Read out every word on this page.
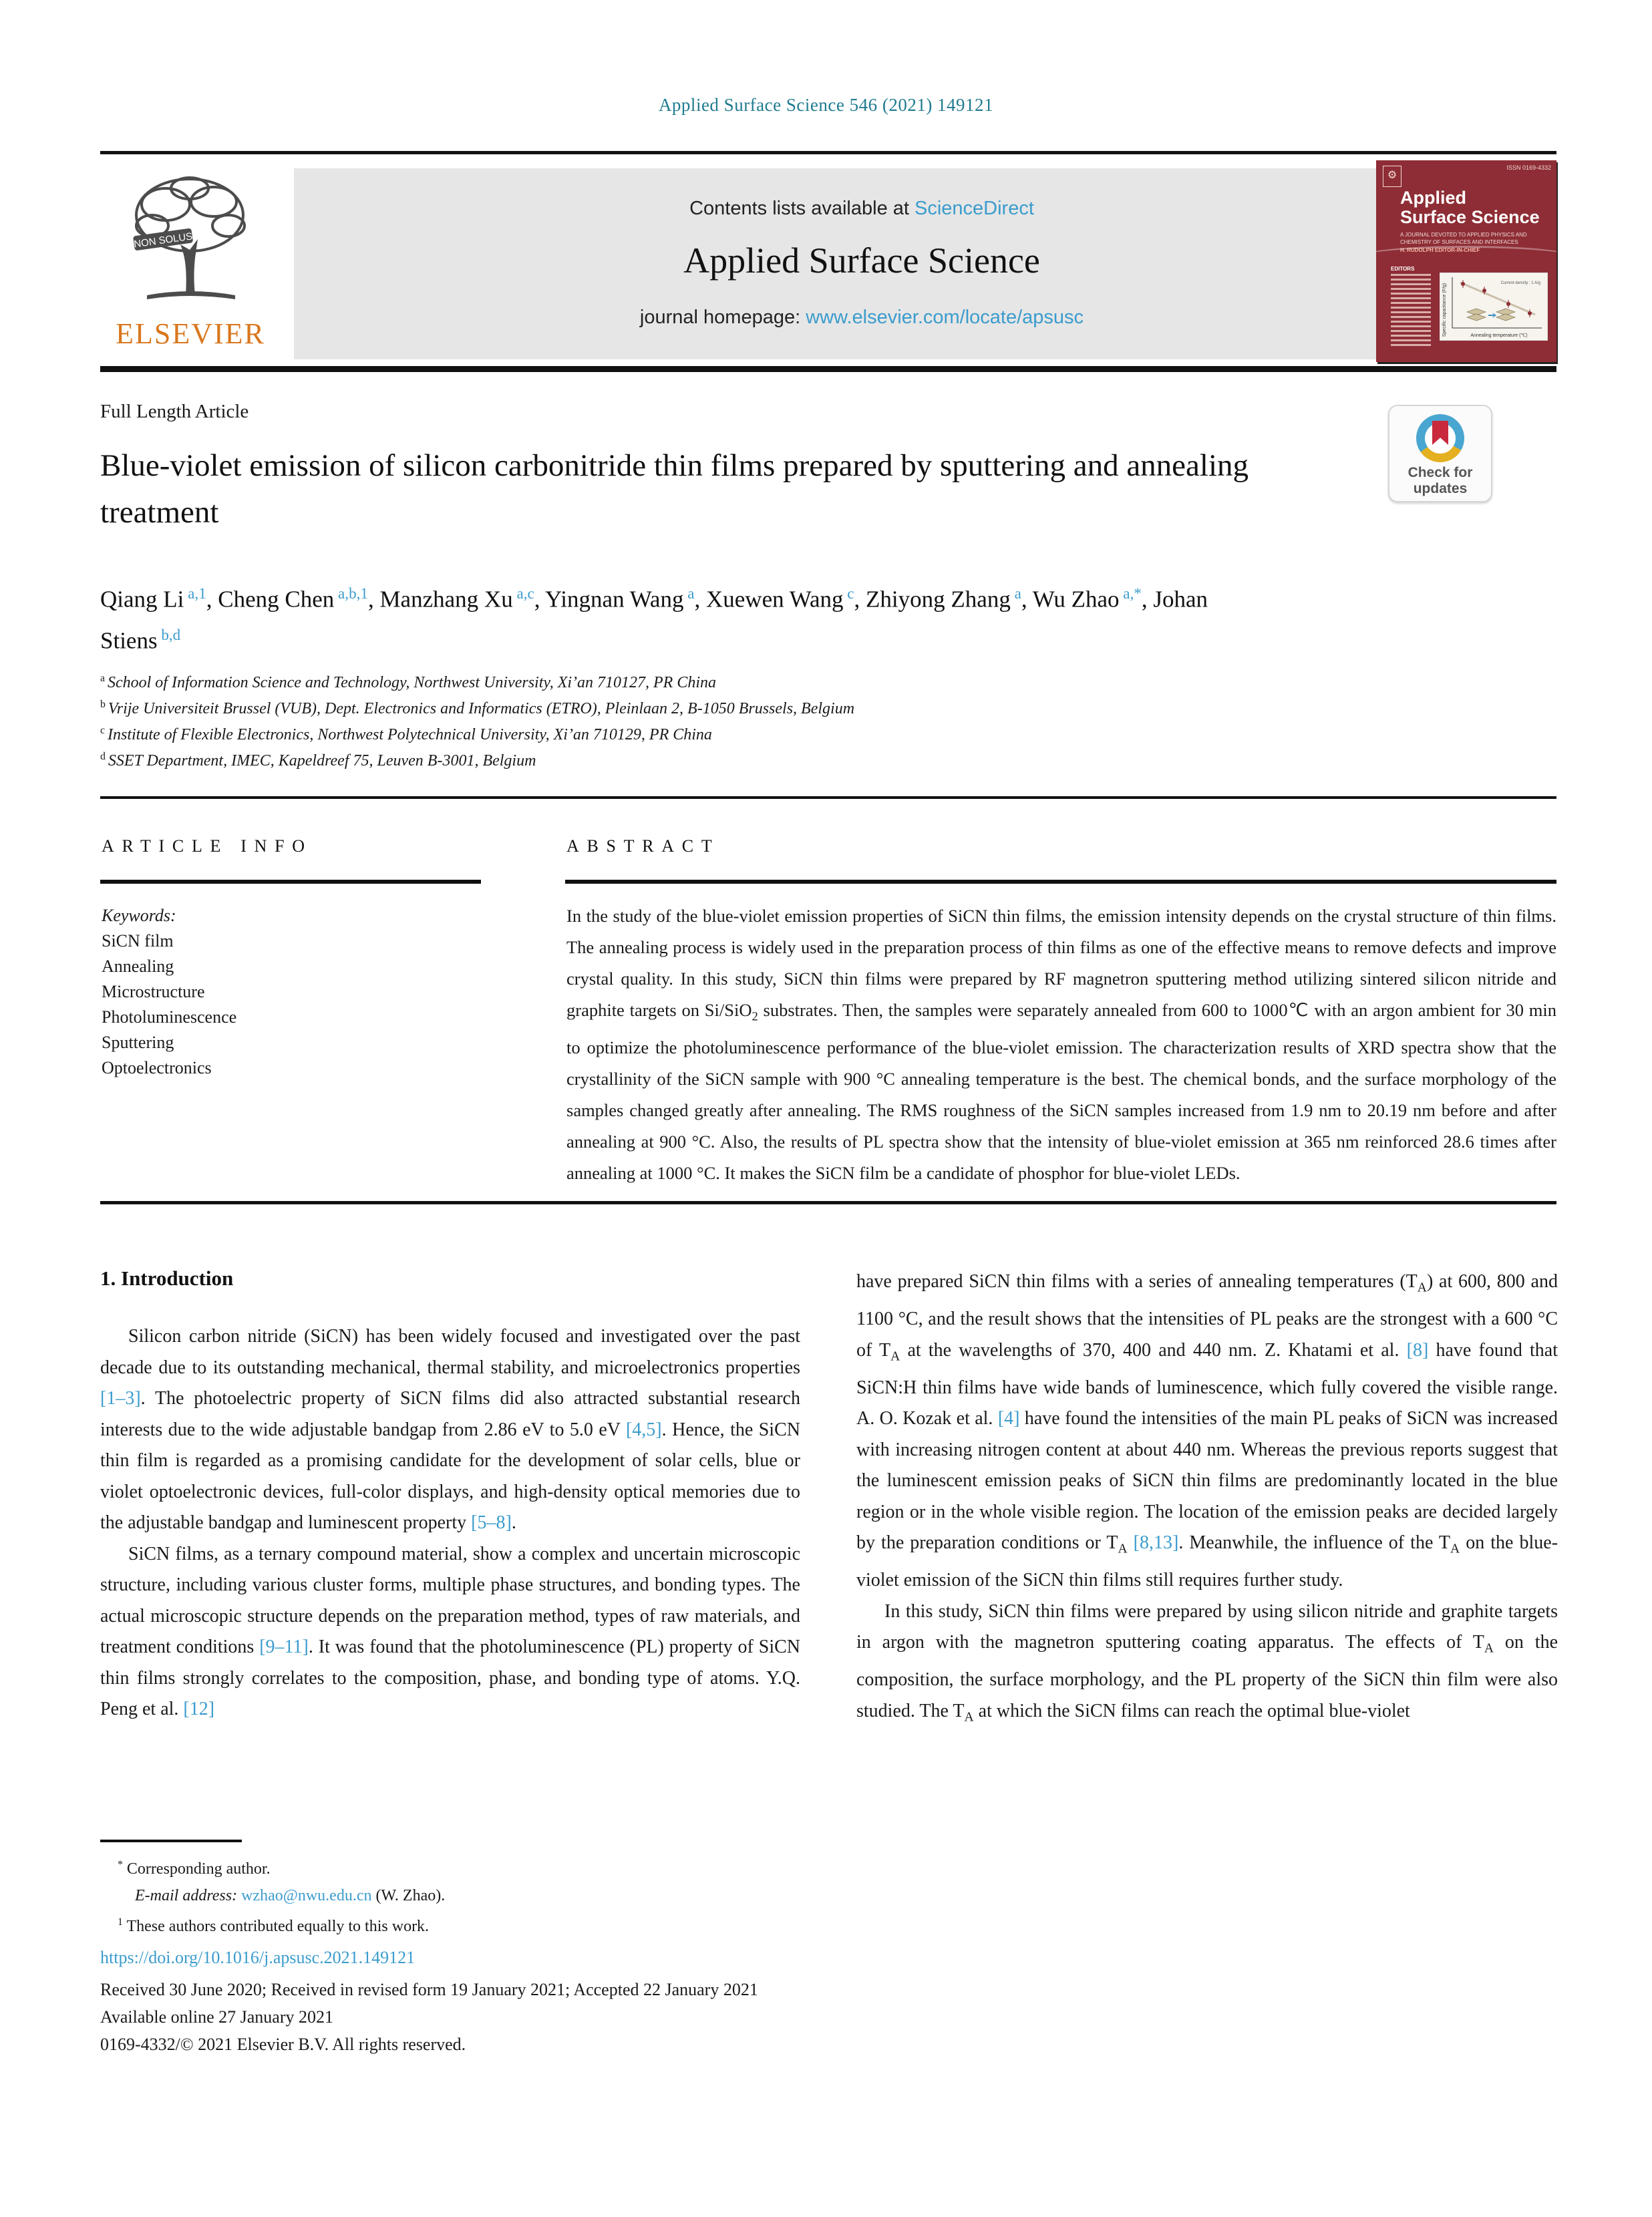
Applied Surface Science 546 (2021) 149121
NON SOLUS
ELSEVIER
Contents lists available at ScienceDirect
Applied Surface Science
journal homepage: www.elsevier.com/locate/apsusc
⚙
ISSN 0169-4332
Applied
Surface Science
A JOURNAL DEVOTED TO APPLIED PHYSICS AND CHEMISTRY OF SURFACES AND INTERFACES
H. RUDOLPH EDITOR-IN-CHIEF
EDITORS
Specific capacitance (F/g)	Annealing temperature (℃)
Current density : 1 A/g
Full Length Article
Blue-violet emission of silicon carbonitride thin films prepared by sputtering and annealing treatment
Check for updates
Qiang Li $^{a,1}$, Cheng Chen $^{a,b,1}$, Manzhang Xu $^{a,c}$, Yingnan Wang $^a$, Xuewen Wang $^c$, Zhiyong Zhang $^a$, Wu Zhao $^{a,*}$, Johan Stiens $^{b,d}$
$^a$ School of Information Science and Technology, Northwest University, Xi’an 710127, PR China
$^b$ Vrije Universiteit Brussel (VUB), Dept. Electronics and Informatics (ETRO), Pleinlaan 2, B-1050 Brussels, Belgium
$^c$ Institute of Flexible Electronics, Northwest Polytechnical University, Xi’an 710129, PR China
$^d$ SSET Department, IMEC, Kapeldreef 75, Leuven B-3001, Belgium
ARTICLE INFO	ABSTRACT
Keywords:
SiCN film
Annealing
Microstructure
Photoluminescence
Sputtering
Optoelectronics
In the study of the blue-violet emission properties of SiCN thin films, the emission intensity depends on the crystal structure of thin films. The annealing process is widely used in the preparation process of thin films as one of the effective means to remove defects and improve crystal quality. In this study, SiCN thin films were prepared by RF magnetron sputtering method utilizing sintered silicon nitride and graphite targets on Si/SiO$_2$ substrates. Then, the samples were separately annealed from 600 to 1000℃ with an argon ambient for 30 min to optimize the photoluminescence performance of the blue-violet emission. The characterization results of XRD spectra show that the crystallinity of the SiCN sample with 900 °C annealing temperature is the best. The chemical bonds, and the surface morphology of the samples changed greatly after annealing. The RMS roughness of the SiCN samples increased from 1.9 nm to 20.19 nm before and after annealing at 900 °C. Also, the results of PL spectra show that the intensity of blue-violet emission at 365 nm reinforced 28.6 times after annealing at 1000 °C. It makes the SiCN film be a candidate of phosphor for blue-violet LEDs.
1. Introduction

Silicon carbon nitride (SiCN) has been widely focused and investigated over the past decade due to its outstanding mechanical, thermal stability, and microelectronics properties [1–3]. The photoelectric property of SiCN films did also attracted substantial research interests due to the wide adjustable bandgap from 2.86 eV to 5.0 eV [4,5]. Hence, the SiCN thin film is regarded as a promising candidate for the development of solar cells, blue or violet optoelectronic devices, full-color displays, and high-density optical memories due to the adjustable bandgap and luminescent property [5–8].

SiCN films, as a ternary compound material, show a complex and uncertain microscopic structure, including various cluster forms, multiple phase structures, and bonding types. The actual microscopic structure depends on the preparation method, types of raw materials, and treatment conditions [9–11]. It was found that the photoluminescence (PL) property of SiCN thin films strongly correlates to the composition, phase, and bonding type of atoms. Y.Q. Peng et al. [12]

have prepared SiCN thin films with a series of annealing temperatures $(T_A)$ at 600, 800 and 1100 °C, and the result shows that the intensities of PL peaks are the strongest with a 600 °C of $T_A$ at the wavelengths of 370, 400 and 440 nm. Z. Khatami et al. [8] have found that SiCN:H thin films have wide bands of luminescence, which fully covered the visible range. A. O. Kozak et al. [4] have found the intensities of the main PL peaks of SiCN was increased with increasing nitrogen content at about 440 nm. Whereas the previous reports suggest that the luminescent emission peaks of SiCN thin films are predominantly located in the blue region or in the whole visible region. The location of the emission peaks are decided largely by the preparation conditions or $T_A$ [8,13]. Meanwhile, the influence of the $T_A$ on the blue-violet emission of the SiCN thin films still requires further study.

In this study, SiCN thin films were prepared by using silicon nitride and graphite targets in argon with the magnetron sputtering coating apparatus. The effects of $T_A$ on the composition, the surface morphology, and the PL property of the SiCN thin film were also studied. The $T_A$ at which the SiCN films can reach the optimal blue-violet

* Corresponding author.
E-mail address: wzhao@nwu.edu.cn (W. Zhao).
$^1$ These authors contributed equally to this work.
https://doi.org/10.1016/j.apsusc.2021.149121
Received 30 June 2020; Received in revised form 19 January 2021; Accepted 22 January 2021
Available online 27 January 2021
0169-4332/© 2021 Elsevier B.V. All rights reserved.
